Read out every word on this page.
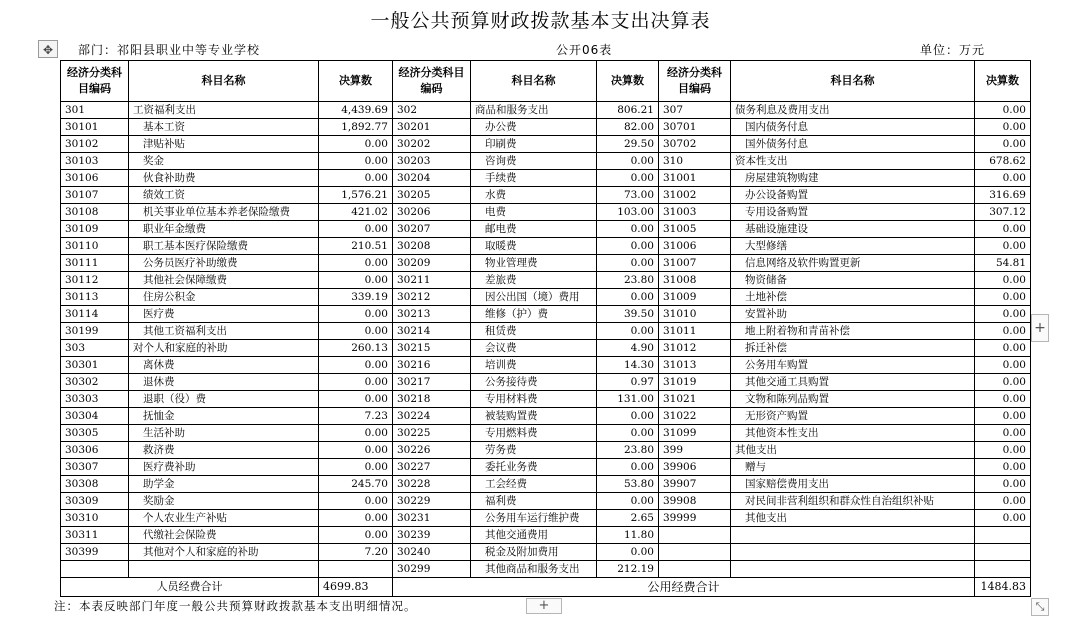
一般公共预算财政拨款基本支出决算表
✥	部门：祁阳县职业中等专业学校	公开06表	单位：万元
经济分类科目编码	科目名称	决算数	经济分类科目编码	科目名称	决算数	经济分类科目编码	科目名称	决算数
301	工资福利支出	4,439.69	302	商品和服务支出	806.21	307	债务利息及费用支出	0.00
30101	基本工资	1,892.77	30201	办公费	82.00	30701	国内债务付息	0.00
30102	津贴补贴	0.00	30202	印刷费	29.50	30702	国外债务付息	0.00
30103	奖金	0.00	30203	咨询费	0.00	310	资本性支出	678.62
30106	伙食补助费	0.00	30204	手续费	0.00	31001	房屋建筑物购建	0.00
30107	绩效工资	1,576.21	30205	水费	73.00	31002	办公设备购置	316.69
30108	机关事业单位基本养老保险缴费	421.02	30206	电费	103.00	31003	专用设备购置	307.12
30109	职业年金缴费	0.00	30207	邮电费	0.00	31005	基础设施建设	0.00
30110	职工基本医疗保险缴费	210.51	30208	取暖费	0.00	31006	大型修缮	0.00
30111	公务员医疗补助缴费	0.00	30209	物业管理费	0.00	31007	信息网络及软件购置更新	54.81
30112	其他社会保障缴费	0.00	30211	差旅费	23.80	31008	物资储备	0.00
30113	住房公积金	339.19	30212	因公出国（境）费用	0.00	31009	土地补偿	0.00
30114	医疗费	0.00	30213	维修（护）费	39.50	31010	安置补助	0.00
30199	其他工资福利支出	0.00	30214	租赁费	0.00	31011	地上附着物和青苗补偿	0.00
303	对个人和家庭的补助	260.13	30215	会议费	4.90	31012	拆迁补偿	0.00
30301	离休费	0.00	30216	培训费	14.30	31013	公务用车购置	0.00
30302	退休费	0.00	30217	公务接待费	0.97	31019	其他交通工具购置	0.00
30303	退职（役）费	0.00	30218	专用材料费	131.00	31021	文物和陈列品购置	0.00
30304	抚恤金	7.23	30224	被装购置费	0.00	31022	无形资产购置	0.00
30305	生活补助	0.00	30225	专用燃料费	0.00	31099	其他资本性支出	0.00
30306	救济费	0.00	30226	劳务费	23.80	399	其他支出	0.00
30307	医疗费补助	0.00	30227	委托业务费	0.00	39906	赠与	0.00
30308	助学金	245.70	30228	工会经费	53.80	39907	国家赔偿费用支出	0.00
30309	奖励金	0.00	30229	福利费	0.00	39908	对民间非营利组织和群众性自治组织补贴	0.00
30310	个人农业生产补贴	0.00	30231	公务用车运行维护费	2.65	39999	其他支出	0.00
30311	代缴社会保险费	0.00	30239	其他交通费用	11.80			
30399	其他对个人和家庭的补助	7.20	30240	税金及附加费用	0.00			
			30299	其他商品和服务支出	212.19			
人员经费合计		4699.83	公用经费合计					1484.83
+
注：本表反映部门年度一般公共预算财政拨款基本支出明细情况。	+	⤡
